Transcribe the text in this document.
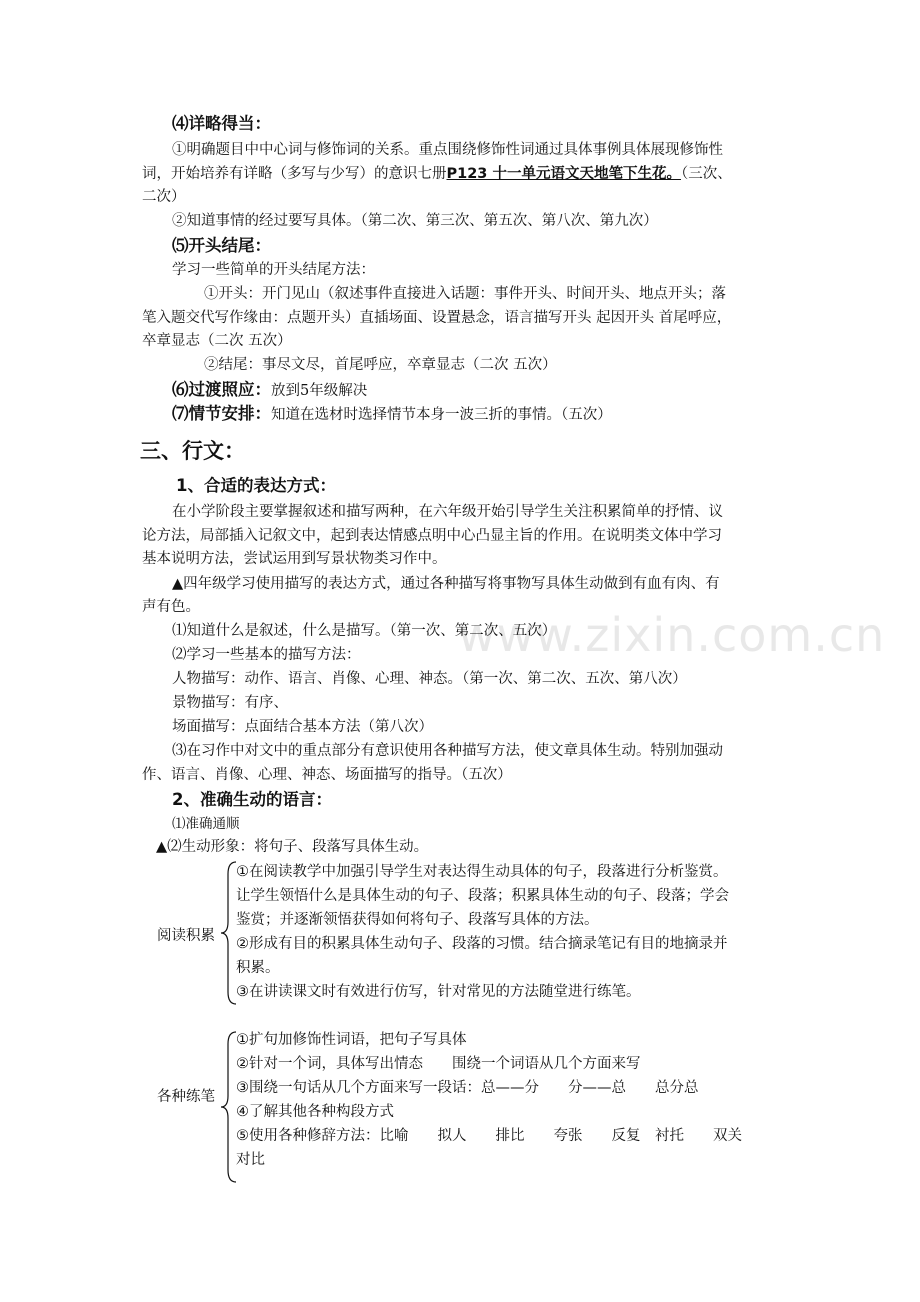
www.zixin.com.cn
⑷详略得当：
①明确题目中中心词与修饰词的关系。重点围绕修饰性词通过具体事例具体展现修饰性
词，开始培养有详略（多写与少写）的意识七册P123 十一单元语文天地笔下生花。（三次、
二次）
②知道事情的经过要写具体。（第二次、第三次、第五次、第八次、第九次）
⑸开头结尾：
学习一些简单的开头结尾方法：
①开头：开门见山（叙述事件直接进入话题：事件开头、时间开头、地点开头；落
笔入题交代写作缘由：点题开头）直插场面、设置悬念，语言描写开头 起因开头 首尾呼应，
卒章显志（二次 五次）
②结尾：事尽文尽，首尾呼应，卒章显志（二次 五次）
⑹过渡照应：放到5年级解决
⑺情节安排：知道在选材时选择情节本身一波三折的事情。（五次）
三、行文：
1、合适的表达方式：
在小学阶段主要掌握叙述和描写两种，在六年级开始引导学生关注积累简单的抒情、议
论方法，局部插入记叙文中，起到表达情感点明中心凸显主旨的作用。在说明类文体中学习
基本说明方法，尝试运用到写景状物类习作中。
▲四年级学习使用描写的表达方式，通过各种描写将事物写具体生动做到有血有肉、有
声有色。
⑴知道什么是叙述，什么是描写。（第一次、第二次、五次）
⑵学习一些基本的描写方法：
人物描写：动作、语言、肖像、心理、神态。（第一次、第二次、五次、第八次）
景物描写：有序、
场面描写：点面结合基本方法（第八次）
⑶在习作中对文中的重点部分有意识使用各种描写方法，使文章具体生动。特别加强动
作、语言、肖像、心理、神态、场面描写的指导。（五次）
2、准确生动的语言：
⑴准确通顺
▲⑵生动形象：将句子、段落写具体生动。
阅读积累
①在阅读教学中加强引导学生对表达得生动具体的句子，段落进行分析鉴赏。
让学生领悟什么是具体生动的句子、段落；积累具体生动的句子、段落；学会
鉴赏；并逐渐领悟获得如何将句子、段落写具体的方法。
②形成有目的积累具体生动句子、段落的习惯。结合摘录笔记有目的地摘录并
积累。
③在讲读课文时有效进行仿写，针对常见的方法随堂进行练笔。
各种练笔
①扩句加修饰性词语，把句子写具体
②针对一个词，具体写出情态　　围绕一个词语从几个方面来写
③围绕一句话从几个方面来写一段话：总——分　　分——总　　总分总
④了解其他各种构段方式
⑤使用各种修辞方法：比喻　　拟人　　排比　　夸张　　反复　衬托　　双关
对比
